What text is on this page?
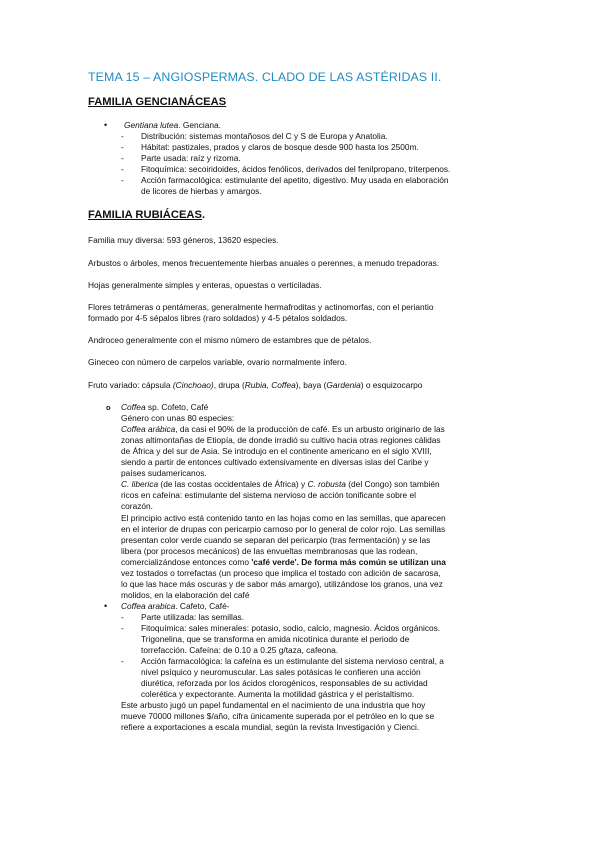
TEMA 15 – ANGIOSPERMAS. CLADO DE LAS ASTÉRIDAS II.
FAMILIA GENCIANÁCEAS
• Gentiana lutea. Genciana.
- Distribución: sistemas montañosos del C y S de Europa y Anatolia.
- Hábitat: pastizales, prados y claros de bosque desde 900 hasta los 2500m.
- Parte usada: raíz y rizoma.
- Fitoquímica: secoiridoides, ácidos fenólicos, derivados del fenilpropano, triterpenos.
- Acción farmacológica: estimulante del apetito, digestivo. Muy usada en elaboración
de licores de hierbas y amargos.
FAMILIA RUBIÁCEAS.
Familia muy diversa: 593 géneros, 13620 especies.
Arbustos o árboles, menos frecuentemente hierbas anuales o perennes, a menudo trepadoras.
Hojas generalmente simples y enteras, opuestas o verticiladas.
Flores tetrámeras o pentámeras, generalmente hermafroditas y actinomorfas, con el periantio
formado por 4-5 sépalos libres (raro soldados) y 4-5 pétalos soldados.
Androceo generalmente con el mismo número de estambres que de pétalos.
Gineceo con número de carpelos variable, ovario normalmente ínfero.
Fruto variado: cápsula (Cinchoao), drupa (Rubia, Coffea), baya (Gardenia) o esquizocarpo
o Coffea sp. Cofeto, Café
Género con unas 80 especies:
Coffea arábica, da casi el 90% de la producción de café. Es un arbusto originario de las
zonas altimontañas de Etiopía, de donde irradió su cultivo hacia otras regiones cálidas
de África y del sur de Asia. Se introdujo en el continente americano en el siglo XVIII,
siendo a partir de entonces cultivado extensivamente en diversas islas del Caribe y
países sudamericanos.
C. liberica (de las costas occidentales de África) y C. robusta (del Congo) son también
ricos en cafeína: estimulante del sistema nervioso de acción tonificante sobre el
corazón.
El principio activo está contenido tanto en las hojas como en las semillas, que aparecen
en el interior de drupas con pericarpio carnoso por lo general de color rojo. Las semillas
presentan color verde cuando se separan del pericarpio (tras fermentación) y se las
libera (por procesos mecánicos) de las envueltas membranosas que las rodean,
comercializándose entonces como 'café verde'. De forma más común se utilizan una
vez tostados o torrefactas (un proceso que implica el tostado con adición de sacarosa,
lo que las hace más oscuras y de sabor más amargo), utilizándose los granos, una vez
molidos, en la elaboración del café
• Coffea arabica. Cafeto, Café-
- Parte utilizada: las semillas.
- Fitoquímica: sales minerales: potasio, sodio, calcio, magnesio. Ácidos orgánicos.
Trigonelina, que se transforma en amida nicotínica durante el periodo de
torrefacción. Cafeína: de 0.10 a 0.25 g/taza, cafeona.
- Acción farmacológica: la cafeína es un estimulante del sistema nervioso central, a
nivel psíquico y neuromuscular. Las sales potásicas le confieren una acción
diurética, reforzada por los ácidos clorogénicos, responsables de su actividad
colerética y expectorante. Aumenta la motilidad gástrica y el peristaltismo.
Este arbusto jugó un papel fundamental en el nacimiento de una industria que hoy
mueve 70000 millones $/año, cifra únicamente superada por el petróleo en lo que se
refiere a exportaciones a escala mundial, según la revista Investigación y Cienci.
